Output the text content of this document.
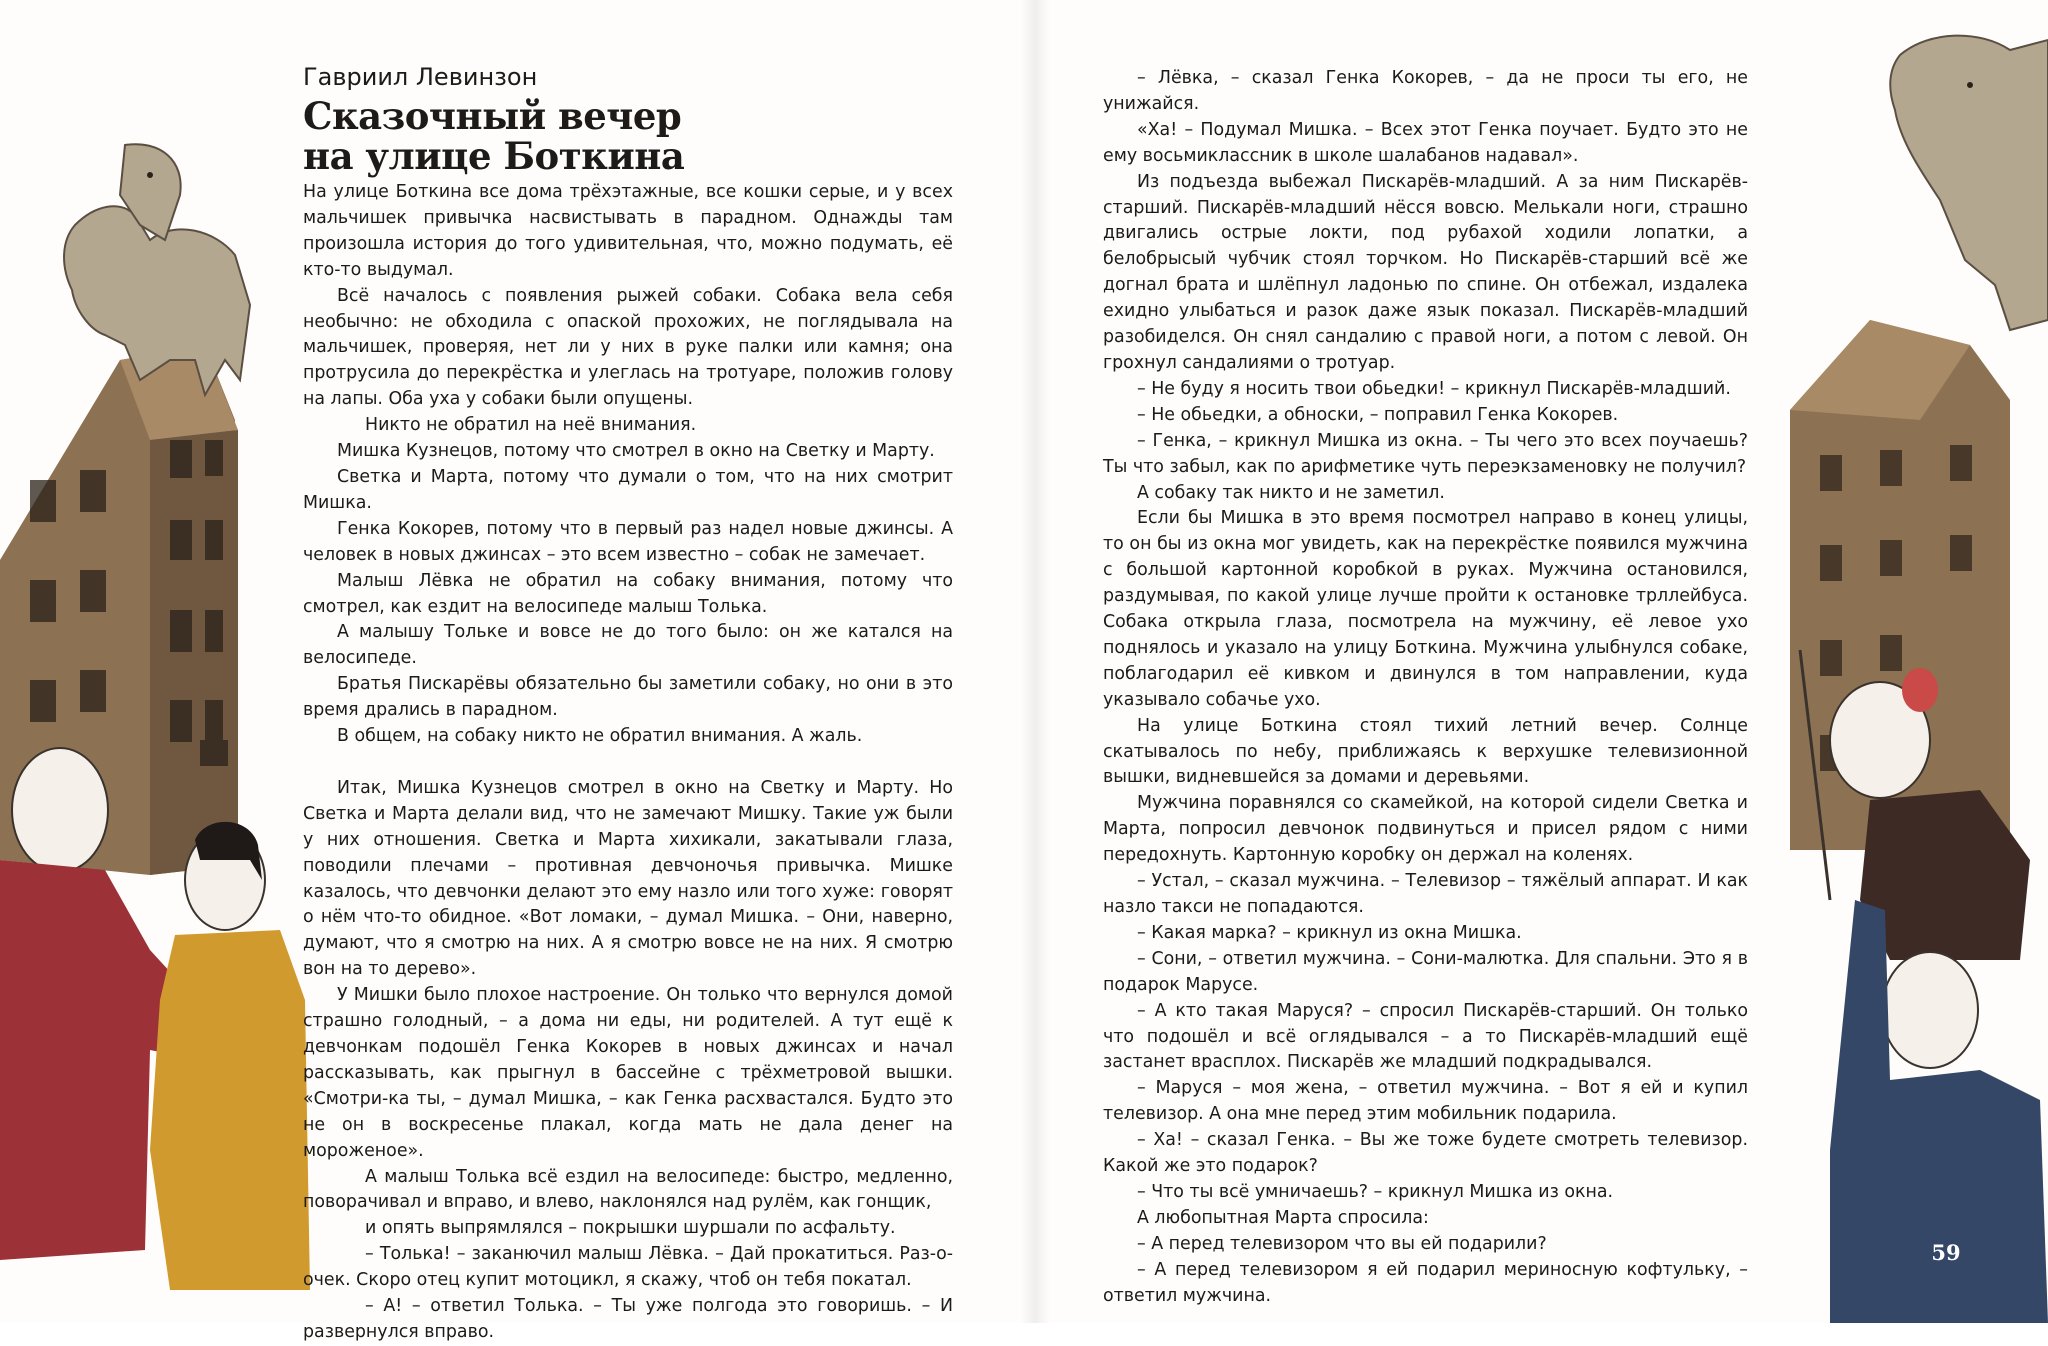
Гавриил Левинзон
Сказочный вечер
на улице Боткина

На улице Боткина все дома трёхэтажные, все кошки серые, и у всех мальчишек привычка насвистывать в парадном. Однажды там произошла история до того удивительная, что, можно подумать, её кто-то выдумал.

Всё началось с появления рыжей собаки. Собака вела себя необычно: не обходила с опаской прохожих, не поглядывала на мальчишек, проверяя, нет ли у них в руке палки или камня; она протрусила до перекрёстка и улеглась на тротуаре, положив голову на лапы. Оба уха у собаки были опущены.

Никто не обратил на неё внимания.

Мишка Кузнецов, потому что смотрел в окно на Светку и Марту.

Светка и Марта, потому что думали о том, что на них смотрит Мишка.

Генка Кокорев, потому что в первый раз надел новые джинсы. А человек в новых джинсах – это всем известно – собак не замечает.

Малыш Лёвка не обратил на собаку внимания, потому что смотрел, как ездит на велосипеде малыш Толька.

А малышу Тольке и вовсе не до того было: он же катался на велосипеде.

Братья Пискарёвы обязательно бы заметили собаку, но они в это время дрались в парадном.

В общем, на собаку никто не обратил внимания. А жаль.

Итак, Мишка Кузнецов смотрел в окно на Светку и Марту. Но Светка и Марта делали вид, что не замечают Мишку. Такие уж были у них отношения. Светка и Марта хихикали, закатывали глаза, поводили плечами – противная девчоночья привычка. Мишке казалось, что девчонки делают это ему назло или того хуже: говорят о нём что-то обидное. «Вот ломаки, – думал Мишка. – Они, наверно, думают, что я смотрю на них. А я смотрю вовсе не на них. Я смотрю вон на то дерево».

У Мишки было плохое настроение. Он только что вернулся домой страшно голодный, – а дома ни еды, ни родителей. А тут ещё к девчонкам подошёл Генка Кокорев в новых джинсах и начал рассказывать, как прыгнул в бассейне с трёхметровой вышки. «Смотри-ка ты, – думал Мишка, – как Генка расхвастался. Будто это не он в воскресенье плакал, когда мать не дала денег на мороженое».

А малыш Толька всё ездил на велосипеде: быстро, медленно, поворачивал и вправо, и влево, наклонялся над рулём, как гонщик,

и опять выпрямлялся – покрышки шуршали по асфальту.

– Толька! – заканючил малыш Лёвка. – Дай прокатиться. Раз-о-очек. Скоро отец купит мотоцикл, я скажу, чтоб он тебя покатал.

– А! – ответил Толька. – Ты уже полгода это говоришь. – И развернулся вправо.

– Лёвка, – сказал Генка Кокорев, – да не проси ты его, не унижайся.

«Ха! – Подумал Мишка. – Всех этот Генка поучает. Будто это не ему восьмиклассник в школе шалабанов надавал».

Из подъезда выбежал Пискарёв-младший. А за ним Пискарёв-старший. Пискарёв-младший нёсся вовсю. Мелькали ноги, страшно двигались острые локти, под рубахой ходили лопатки, а белобрысый чубчик стоял торчком. Но Пискарёв-старший всё же догнал брата и шлёпнул ладонью по спине. Он отбежал, издалека ехидно улыбаться и разок даже язык показал. Пискарёв-младший разобиделся. Он снял сандалию с правой ноги, а потом с левой. Он грохнул сандалиями о тротуар.

– Не буду я носить твои обьедки! – крикнул Пискарёв-младший.

– Не обьедки, а обноски, – поправил Генка Кокорев.

– Генка, – крикнул Мишка из окна. – Ты чего это всех поучаешь? Ты что забыл, как по арифметике чуть переэкзаменовку не получил?

А собаку так никто и не заметил.

Если бы Мишка в это время посмотрел направо в конец улицы, то он бы из окна мог увидеть, как на перекрёстке появился мужчина с большой картонной коробкой в руках. Мужчина остановился, раздумывая, по какой улице лучше пройти к остановке трллейбуса. Собака открыла глаза, посмотрела на мужчину, её левое ухо поднялось и указало на улицу Боткина. Мужчина улыбнулся собаке, поблагодарил её кивком и двинулся в том направлении, куда указывало собачье ухо.

На улице Боткина стоял тихий летний вечер. Солнце скатывалось по небу, приближаясь к верхушке телевизионной вышки, видневшейся за домами и деревьями.

Мужчина поравнялся со скамейкой, на которой сидели Светка и Марта, попросил девчонок подвинуться и присел рядом с ними передохнуть. Картонную коробку он держал на коленях.

– Устал, – сказал мужчина. – Телевизор – тяжёлый аппарат. И как назло такси не попадаются.

– Какая марка? – крикнул из окна Мишка.

– Сони, – ответил мужчина. – Сони-малютка. Для спальни. Это я в подарок Марусе.

– А кто такая Маруся? – спросил Пискарёв-старший. Он только что подошёл и всё оглядывался – а то Пискарёв-младший ещё застанет врасплох. Пискарёв же младший подкрадывался.

– Маруся – моя жена, – ответил мужчина. – Вот я ей и купил телевизор. А она мне перед этим мобильник подарила.

– Ха! – сказал Генка. – Вы же тоже будете смотреть телевизор. Какой же это подарок?

– Что ты всё умничаешь? – крикнул Мишка из окна.

А любопытная Марта спросила:

– А перед телевизором что вы ей подарили?

– А перед телевизором я ей подарил мериносную кофтульку, – ответил мужчина.

59
